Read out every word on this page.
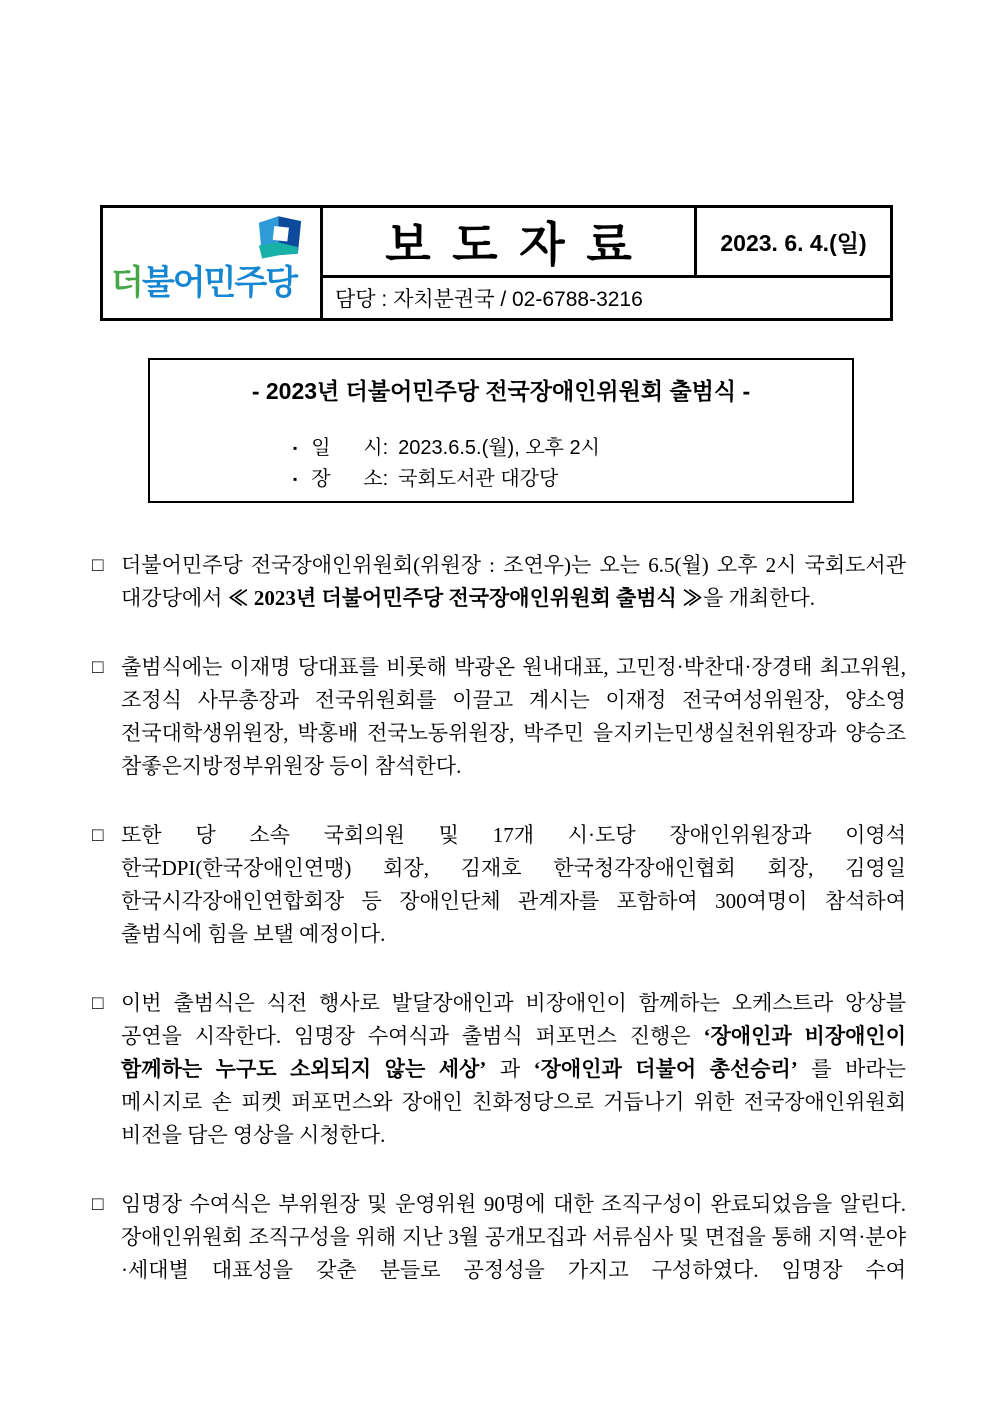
더불어민주당
보도자료	2023. 6. 4.(일)
담당 : 자치분권국 / 02-6788-3216
- 2023년 더불어민주당 전국장애인위원회 출범식 -
▪ 일	시: 2023.6.5.(월), 오후 2시
▪ 장	소: 국회도서관 대강당
□ 더불어민주당 전국장애인위원회(위원장 : 조연우)는 오는 6.5(월) 오후 2시 국회도서관 대강당에서 ≪ 2023년 더불어민주당 전국장애인위원회 출범식 ≫을 개최한다.
□ 출범식에는 이재명 당대표를 비롯해 박광온 원내대표, 고민정·박찬대·장경태 최고위원, 조정식 사무총장과 전국위원회를 이끌고 계시는 이재정 전국여성위원장, 양소영 전국대학생위원장, 박홍배 전국노동위원장, 박주민 을지키는민생실천위원장과 양승조 참좋은지방정부위원장 등이 참석한다.
□ 또한 당 소속 국회의원 및 17개 시·도당 장애인위원장과 이영석 한국DPI(한국장애인연맹) 회장, 김재호 한국청각장애인협회 회장, 김영일 한국시각장애인연합회장 등 장애인단체 관계자를 포함하여 300여명이 참석하여 출범식에 힘을 보탤 예정이다.
□ 이번 출범식은 식전 행사로 발달장애인과 비장애인이 함께하는 오케스트라 앙상블 공연을 시작한다. 임명장 수여식과 출범식 퍼포먼스 진행은 ‘장애인과 비장애인이 함께하는 누구도 소외되지 않는 세상’ 과 ‘장애인과 더불어 총선승리’ 를 바라는 메시지로 손 피켓 퍼포먼스와 장애인 친화정당으로 거듭나기 위한 전국장애인위원회 비전을 담은 영상을 시청한다.
□ 임명장 수여식은 부위원장 및 운영위원 90명에 대한 조직구성이 완료되었음을 알린다. 장애인위원회 조직구성을 위해 지난 3월 공개모집과 서류심사 및 면접을 통해 지역·분야·세대별 대표성을 갖춘 분들로 공정성을 가지고 구성하였다. 임명장 수여
